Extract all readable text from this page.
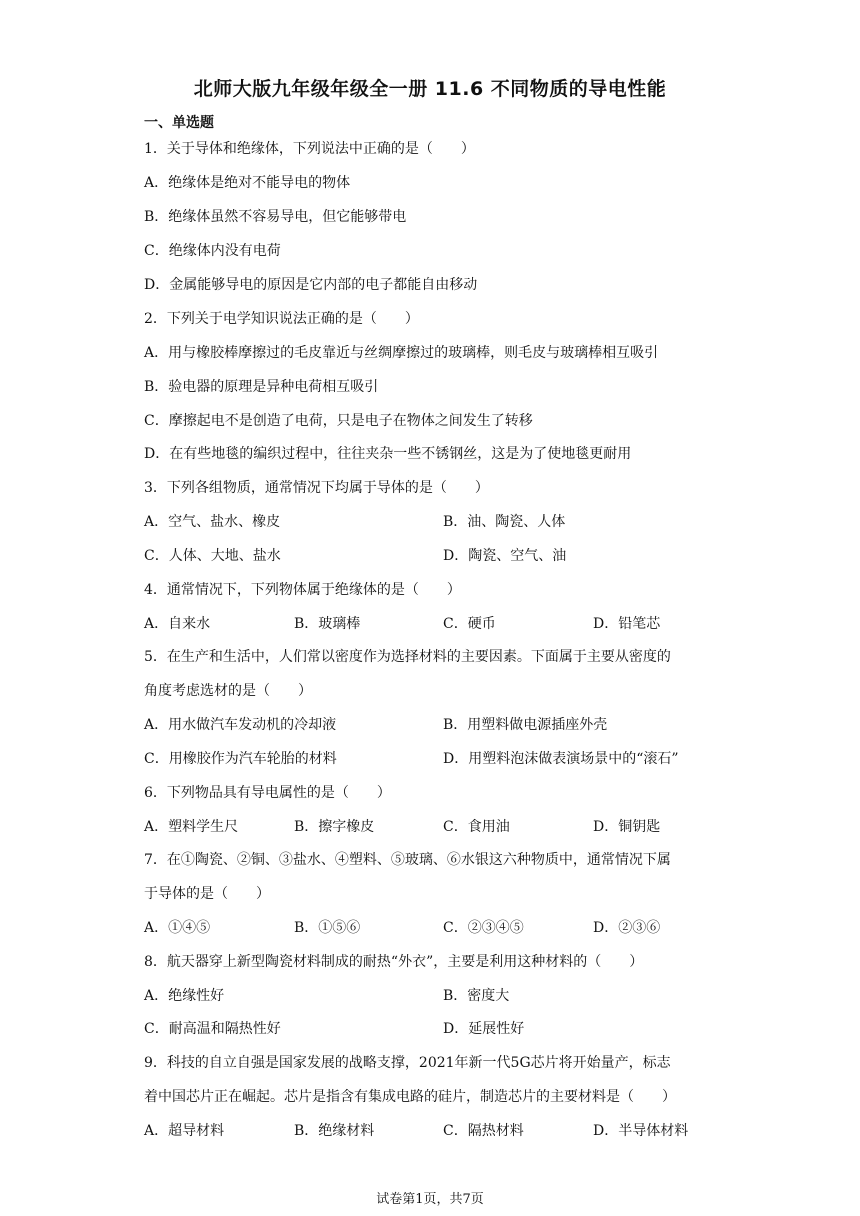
北师大版九年级年级全一册 11.6 不同物质的导电性能
一、单选题
1．关于导体和绝缘体，下列说法中正确的是（　　）
A．绝缘体是绝对不能导电的物体
B．绝缘体虽然不容易导电，但它能够带电
C．绝缘体内没有电荷
D．金属能够导电的原因是它内部的电子都能自由移动
2．下列关于电学知识说法正确的是（　　）
A．用与橡胶棒摩擦过的毛皮靠近与丝绸摩擦过的玻璃棒，则毛皮与玻璃棒相互吸引
B．验电器的原理是异种电荷相互吸引
C．摩擦起电不是创造了电荷，只是电子在物体之间发生了转移
D．在有些地毯的编织过程中，往往夹杂一些不锈钢丝，这是为了使地毯更耐用
3．下列各组物质，通常情况下均属于导体的是（　　）
A．空气、盐水、橡皮	B．油、陶瓷、人体
C．人体、大地、盐水	D．陶瓷、空气、油
4．通常情况下，下列物体属于绝缘体的是（　　）
A．自来水	B．玻璃棒	C．硬币	D．铅笔芯
5．在生产和生活中，人们常以密度作为选择材料的主要因素。下面属于主要从密度的
角度考虑选材的是（　　）
A．用水做汽车发动机的冷却液	B．用塑料做电源插座外壳
C．用橡胶作为汽车轮胎的材料	D．用塑料泡沫做表演场景中的“滚石”
6．下列物品具有导电属性的是（　　）
A．塑料学生尺	B．擦字橡皮	C．食用油	D．铜钥匙
7．在①陶瓷、②铜、③盐水、④塑料、⑤玻璃、⑥水银这六种物质中，通常情况下属
于导体的是（　　）
A．①④⑤	B．①⑤⑥	C．②③④⑤	D．②③⑥
8．航天器穿上新型陶瓷材料制成的耐热“外衣”，主要是利用这种材料的（　　）
A．绝缘性好	B．密度大
C．耐高温和隔热性好	D．延展性好
9．科技的自立自强是国家发展的战略支撑，2021年新一代5G芯片将开始量产，标志
着中国芯片正在崛起。芯片是指含有集成电路的硅片，制造芯片的主要材料是（　　）
A．超导材料	B．绝缘材料	C．隔热材料	D．半导体材料
试卷第1页，共7页
